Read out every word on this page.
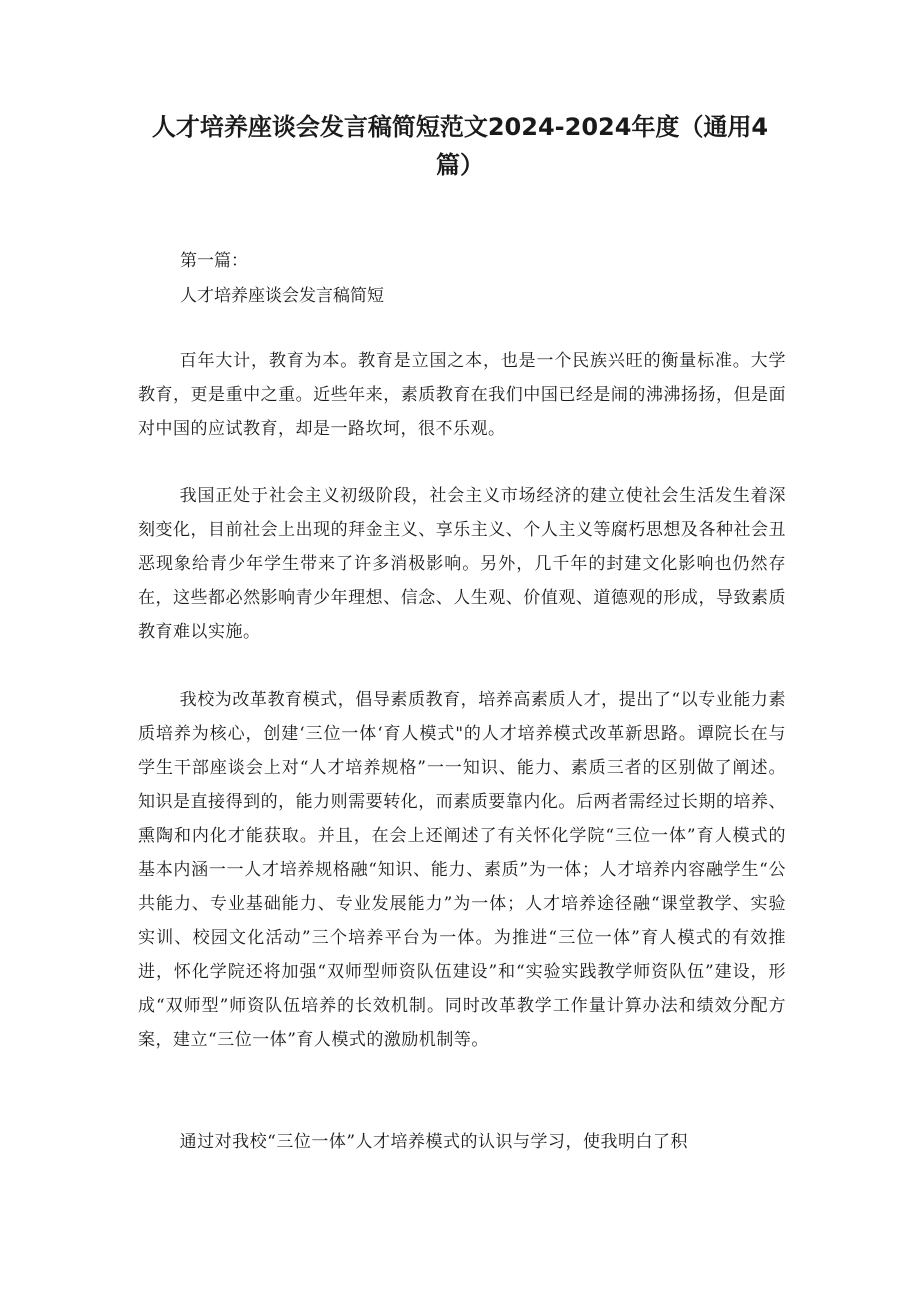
人才培养座谈会发言稿简短范文2024-2024年度（通用4篇）

第一篇：

人才培养座谈会发言稿简短

百年大计，教育为本。教育是立国之本，也是一个民族兴旺的衡量标准。大学教育，更是重中之重。近些年来，素质教育在我们中国已经是闹的沸沸扬扬，但是面对中国的应试教育，却是一路坎坷，很不乐观。

我国正处于社会主义初级阶段，社会主义市场经济的建立使社会生活发生着深刻变化，目前社会上出现的拜金主义、享乐主义、个人主义等腐朽思想及各种社会丑恶现象给青少年学生带来了许多消极影响。另外，几千年的封建文化影响也仍然存在，这些都必然影响青少年理想、信念、人生观、价值观、道德观的形成，导致素质教育难以实施。

我校为改革教育模式，倡导素质教育，培养高素质人才，提出了“以专业能力素质培养为核心，创建‘三位一体‘育人模式"的人才培养模式改革新思路。谭院长在与学生干部座谈会上对“人才培养规格”一一知识、能力、素质三者的区别做了阐述。知识是直接得到的，能力则需要转化，而素质要靠内化。后两者需经过长期的培养、熏陶和内化才能获取。并且，在会上还阐述了有关怀化学院“三位一体”育人模式的基本内涵一一人才培养规格融“知识、能力、素质”为一体；人才培养内容融学生“公共能力、专业基础能力、专业发展能力”为一体；人才培养途径融“课堂教学、实验实训、校园文化活动”三个培养平台为一体。为推进“三位一体”育人模式的有效推进，怀化学院还将加强“双师型师资队伍建设”和“实验实践教学师资队伍”建设，形成“双师型”师资队伍培养的长效机制。同时改革教学工作量计算办法和绩效分配方案，建立“三位一体”育人模式的激励机制等。

通过对我校“三位一体”人才培养模式的认识与学习，使我明白了积
